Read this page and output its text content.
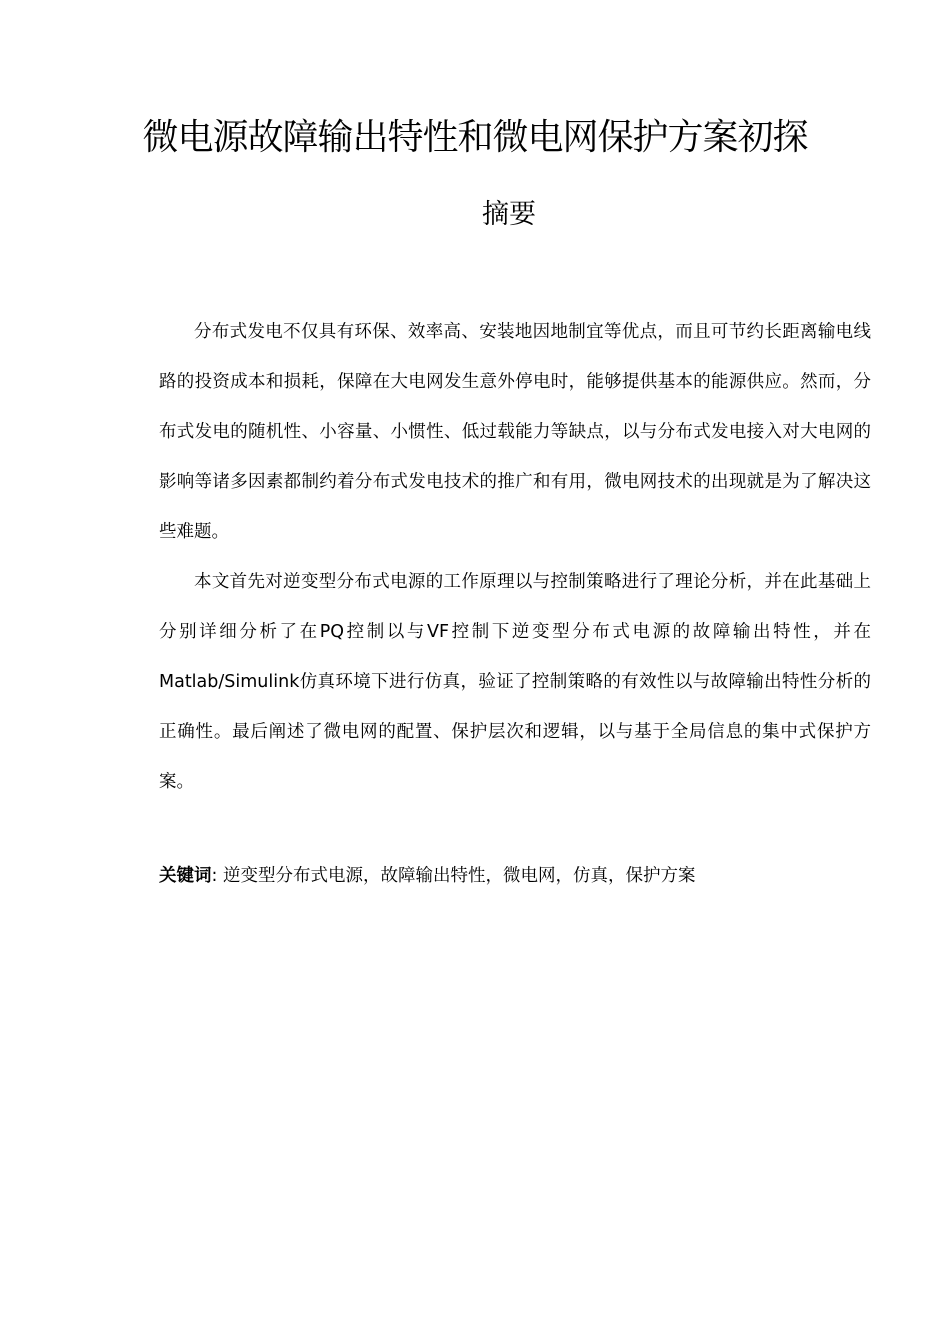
微电源故障输出特性和微电网保护方案初探
摘要

分布式发电不仅具有环保、效率高、安装地因地制宜等优点，而且可节约长距离输电线路的投资成本和损耗，保障在大电网发生意外停电时，能够提供基本的能源供应。然而，分布式发电的随机性、小容量、小惯性、低过载能力等缺点，以与分布式发电接入对大电网的影响等诸多因素都制约着分布式发电技术的推广和有用，微电网技术的出现就是为了解决这些难题。

本文首先对逆变型分布式电源的工作原理以与控制策略进行了理论分析，并在此基础上分别详细分析了在PQ控制以与VF控制下逆变型分布式电源的故障输出特性，并在Matlab/Simulink仿真环境下进行仿真，验证了控制策略的有效性以与故障输出特性分析的正确性。最后阐述了微电网的配置、保护层次和逻辑，以与基于全局信息的集中式保护方案。

关键词: 逆变型分布式电源，故障输出特性，微电网，仿真，保护方案
